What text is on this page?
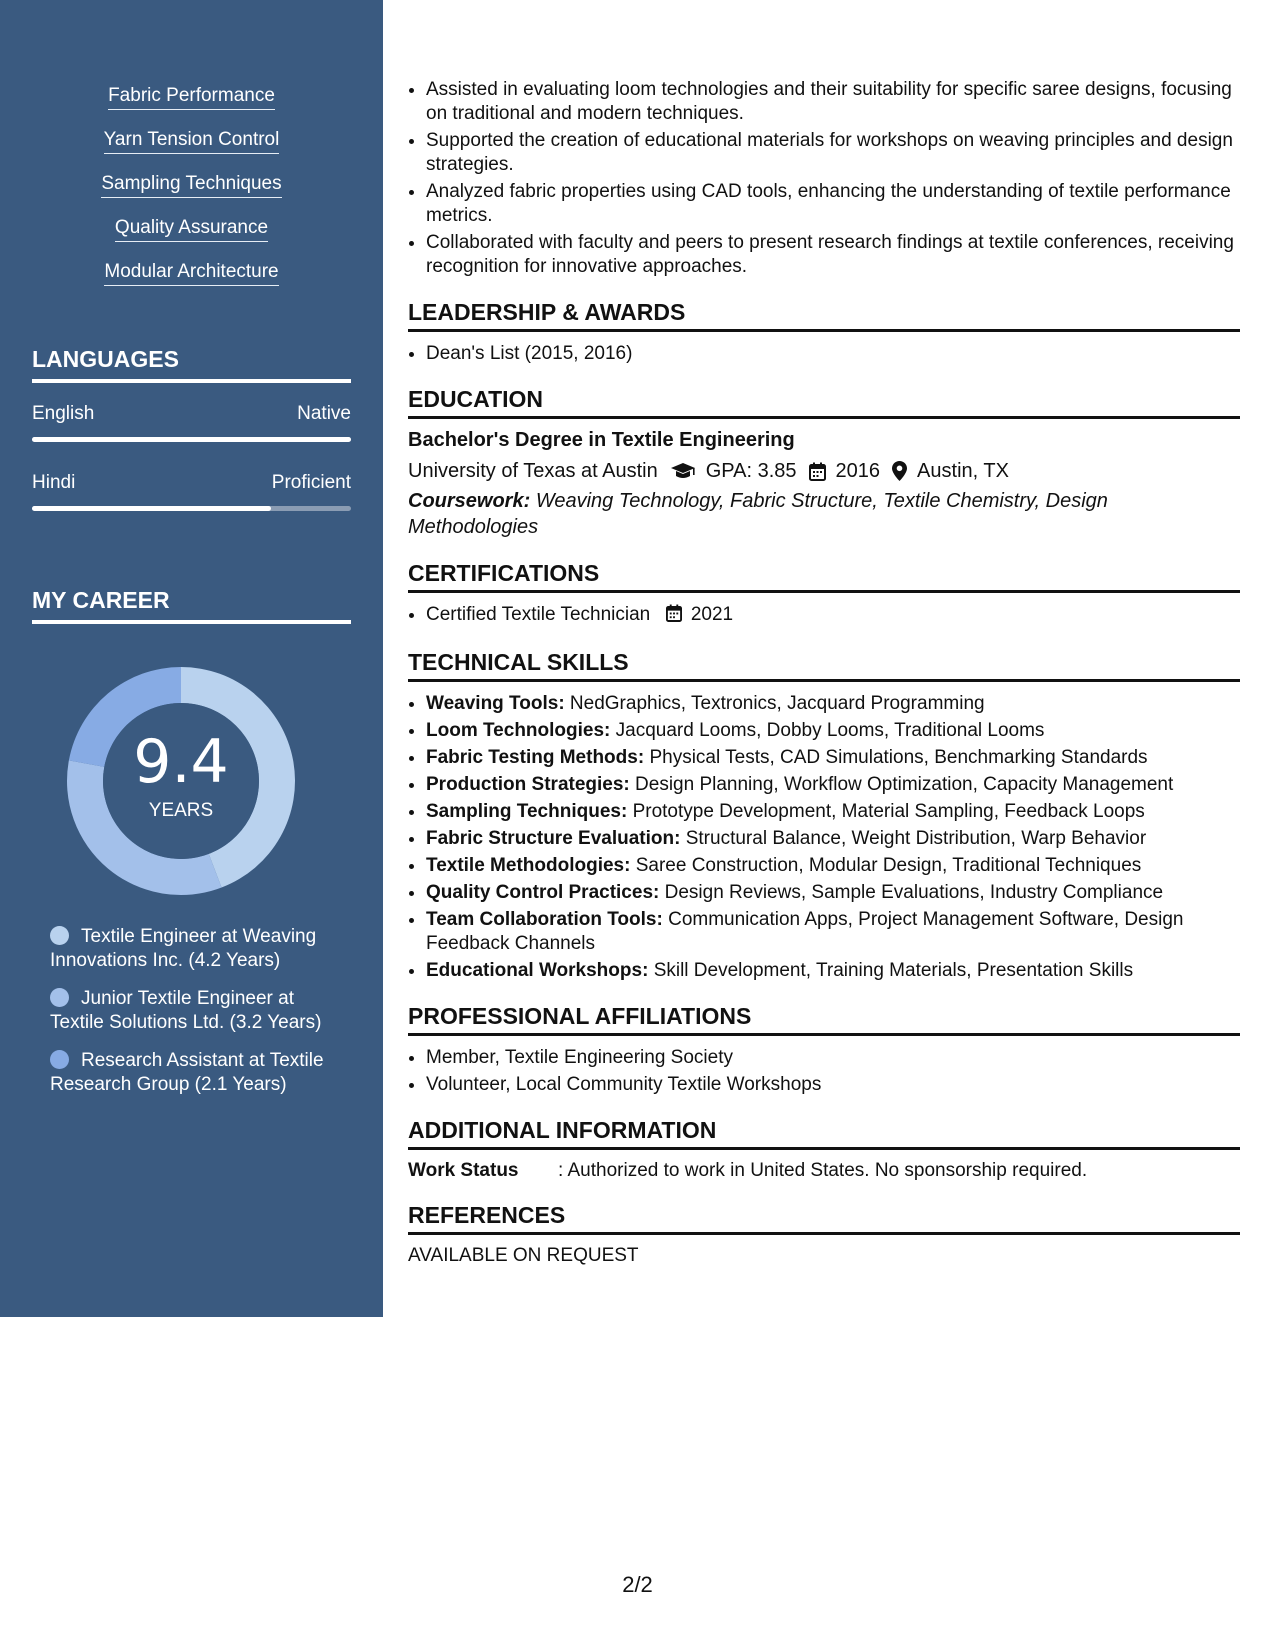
Fabric Performance
Yarn Tension Control
Sampling Techniques
Quality Assurance
Modular Architecture
LANGUAGES
English	Native
Hindi	Proficient
MY CAREER
9.4
YEARS
Textile Engineer at Weaving Innovations Inc. (4.2 Years)
Junior Textile Engineer at Textile Solutions Ltd. (3.2 Years)
Research Assistant at Textile Research Group (2.1 Years)
• Assisted in evaluating loom technologies and their suitability for specific saree designs, focusing on traditional and modern techniques.
• Supported the creation of educational materials for workshops on weaving principles and design strategies.
• Analyzed fabric properties using CAD tools, enhancing the understanding of textile performance metrics.
• Collaborated with faculty and peers to present research findings at textile conferences, receiving recognition for innovative approaches.
LEADERSHIP & AWARDS
• Dean's List (2015, 2016)
EDUCATION
Bachelor's Degree in Textile Engineering
University of Texas at Austin GPA: 3.85 2016 Austin, TX
Coursework: Weaving Technology, Fabric Structure, Textile Chemistry, Design Methodologies
CERTIFICATIONS
• Certified Textile Technician 2021
TECHNICAL SKILLS
• Weaving Tools: NedGraphics, Textronics, Jacquard Programming
• Loom Technologies: Jacquard Looms, Dobby Looms, Traditional Looms
• Fabric Testing Methods: Physical Tests, CAD Simulations, Benchmarking Standards
• Production Strategies: Design Planning, Workflow Optimization, Capacity Management
• Sampling Techniques: Prototype Development, Material Sampling, Feedback Loops
• Fabric Structure Evaluation: Structural Balance, Weight Distribution, Warp Behavior
• Textile Methodologies: Saree Construction, Modular Design, Traditional Techniques
• Quality Control Practices: Design Reviews, Sample Evaluations, Industry Compliance
• Team Collaboration Tools: Communication Apps, Project Management Software, Design Feedback Channels
• Educational Workshops: Skill Development, Training Materials, Presentation Skills
PROFESSIONAL AFFILIATIONS
• Member, Textile Engineering Society
• Volunteer, Local Community Textile Workshops
ADDITIONAL INFORMATION
Work Status	: Authorized to work in United States. No sponsorship required.
REFERENCES
AVAILABLE ON REQUEST
2/2
